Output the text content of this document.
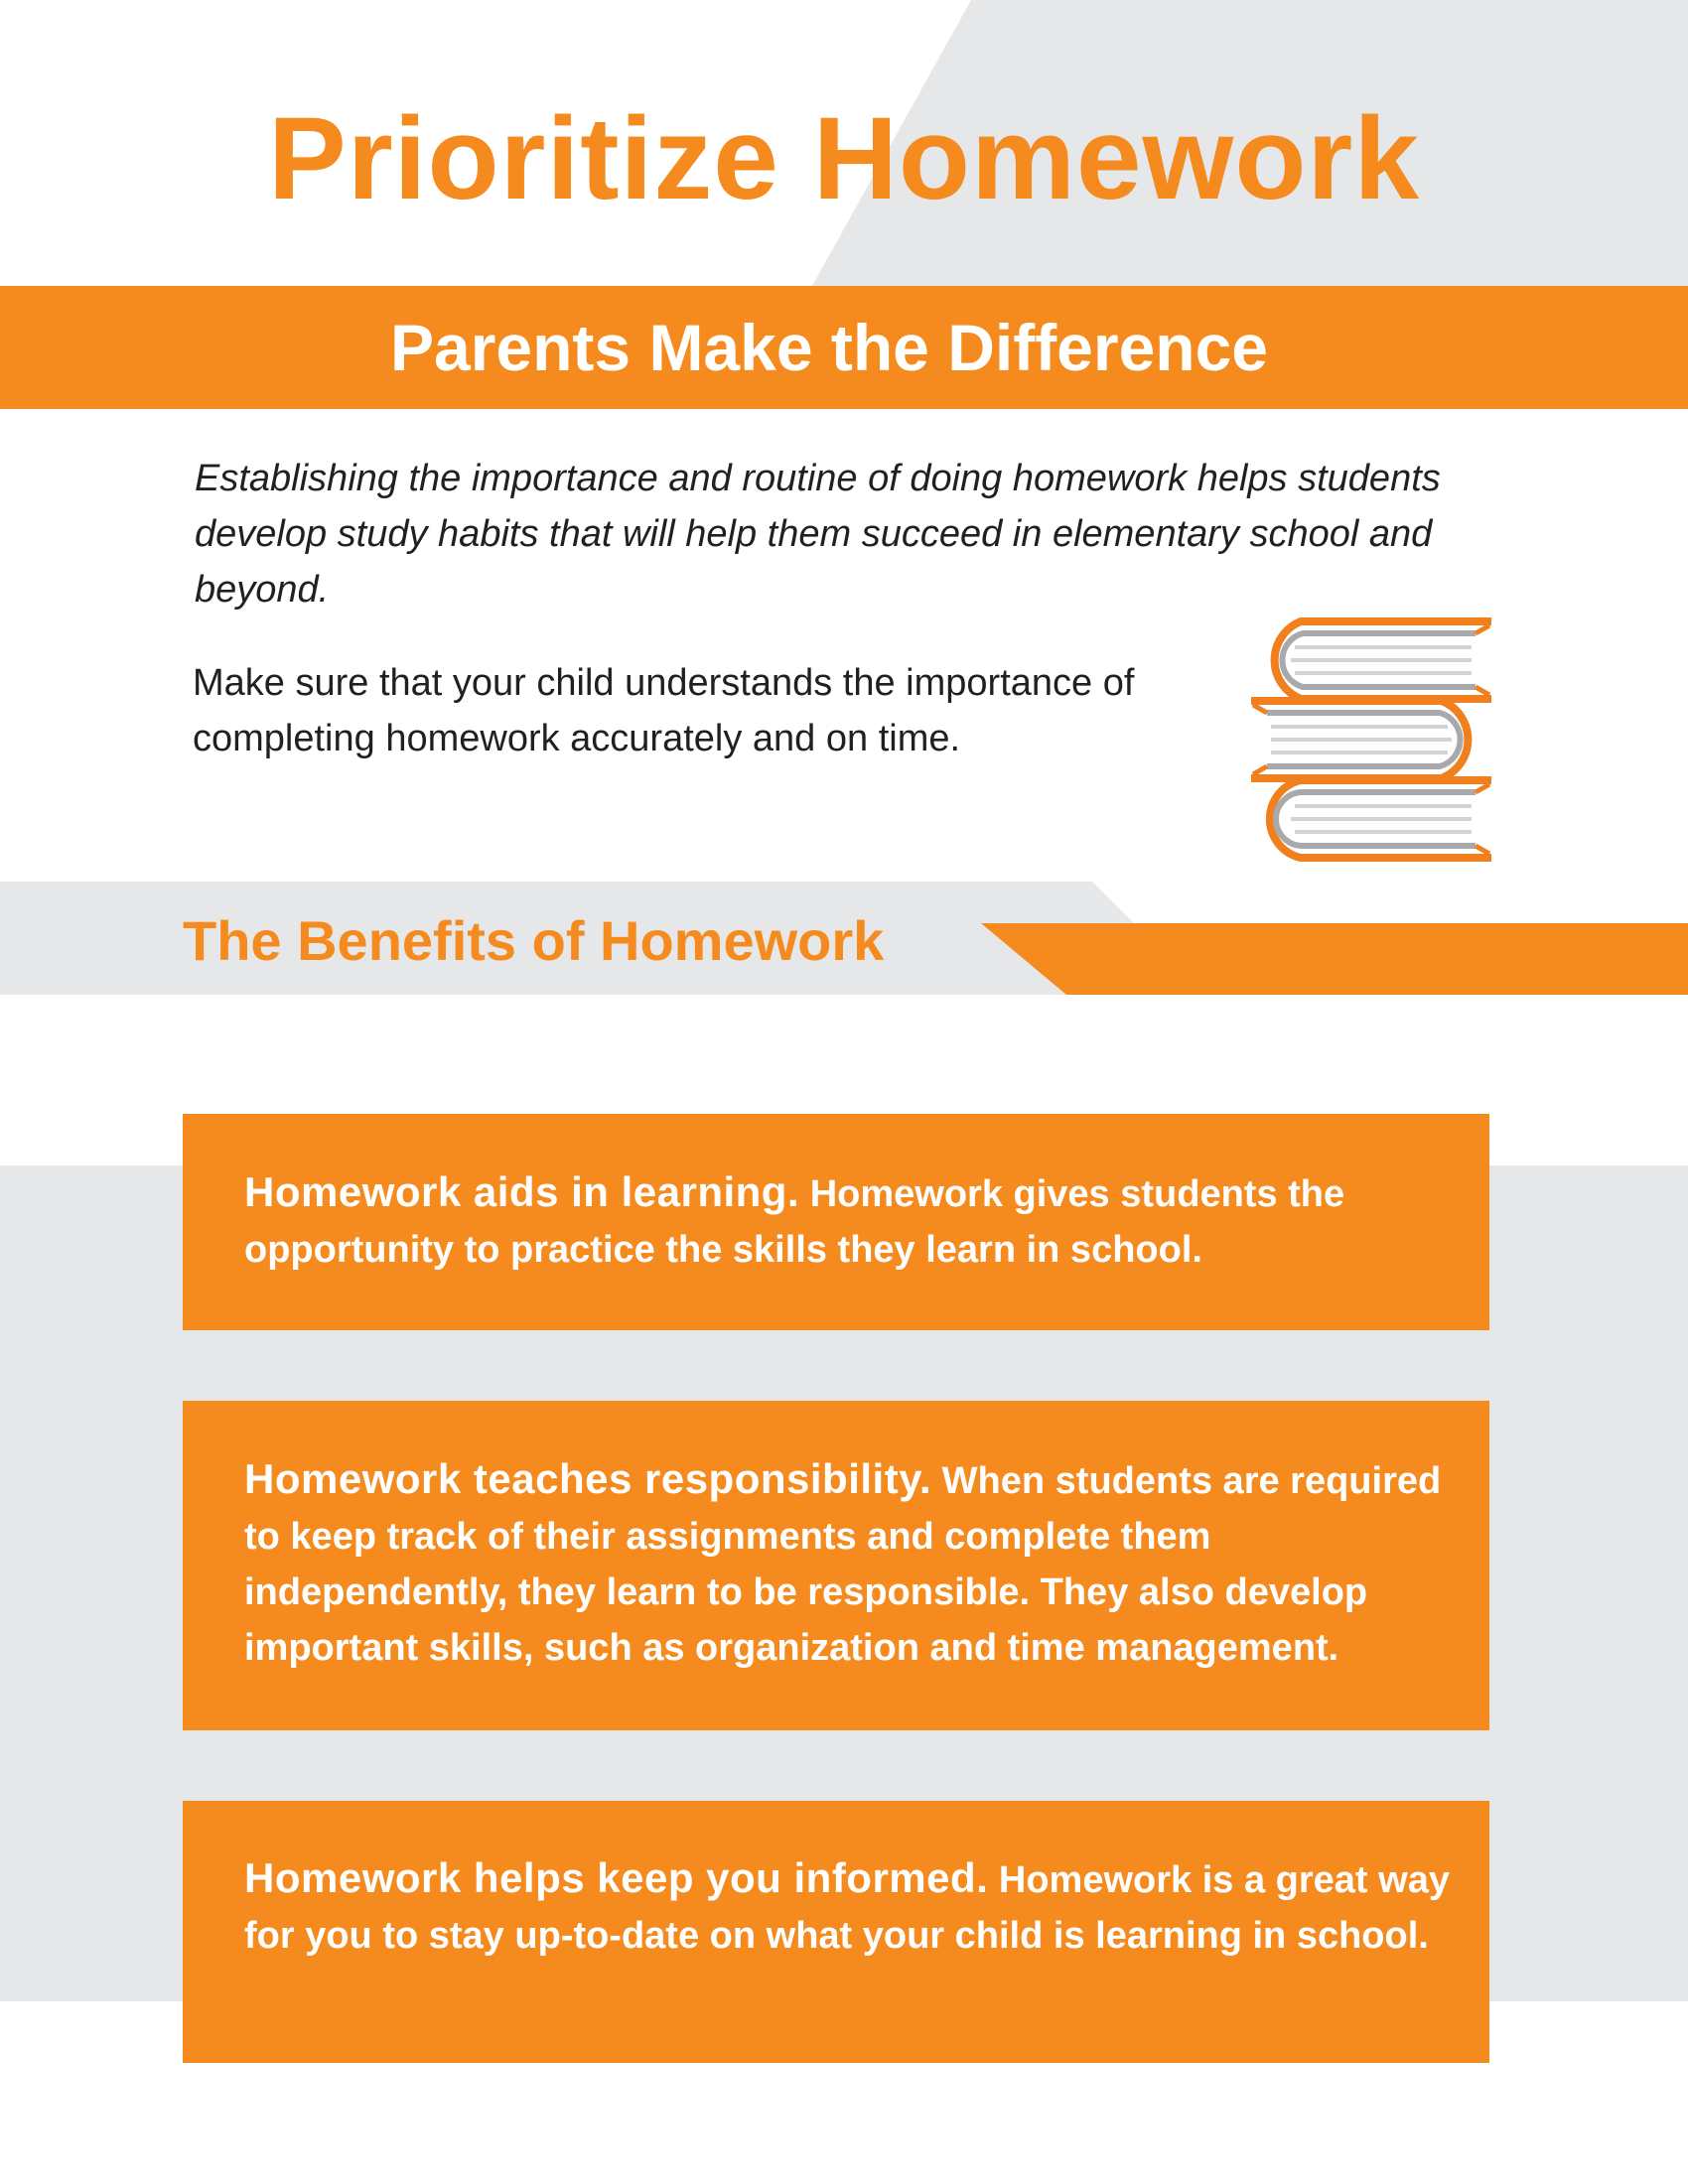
Prioritize Homework
Parents Make the Difference

Establishing the importance and routine of doing homework helps students develop study habits that will help them succeed in elementary school and beyond.

Make sure that your child understands the importance of completing homework accurately and on time.

The Benefits of Homework

Homework aids in learning. Homework gives students the opportunity to practice the skills they learn in school.

Homework teaches responsibility. When students are required to keep track of their assignments and complete them independently, they learn to be responsible. They also develop important skills, such as organization and time management.

Homework helps keep you informed. Homework is a great way for you to stay up-to-date on what your child is learning in school.
